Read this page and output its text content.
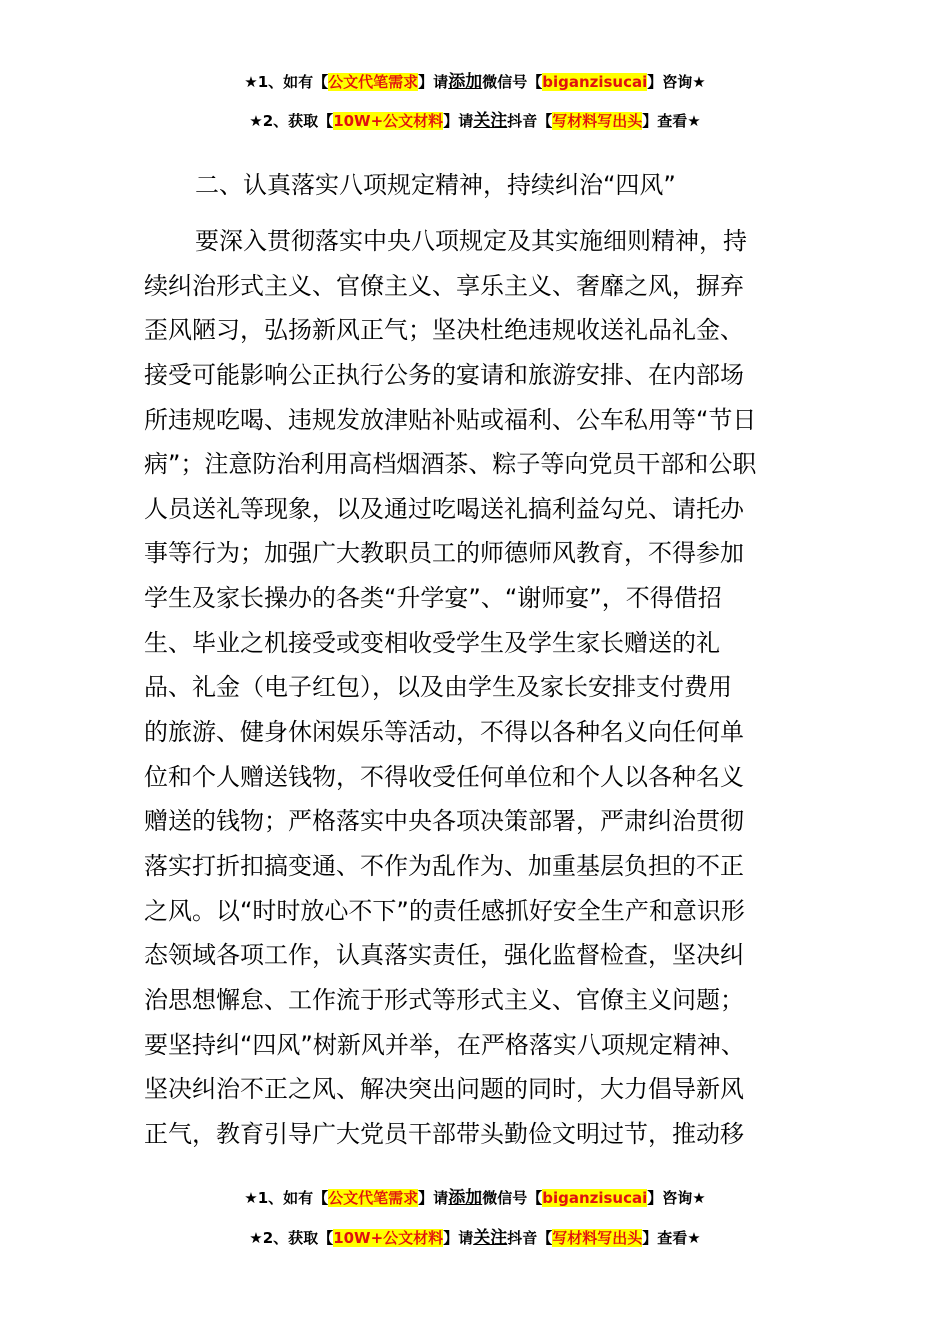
★1、如有【公文代笔需求】请添加微信号【biganzisucai】咨询★
★2、获取【10W+公文材料】请关注抖音【写材料写出头】查看★
二、认真落实八项规定精神，持续纠治“四风”
要深入贯彻落实中央八项规定及其实施细则精神，持
续纠治形式主义、官僚主义、享乐主义、奢靡之风，摒弃
歪风陋习，弘扬新风正气；坚决杜绝违规收送礼品礼金、
接受可能影响公正执行公务的宴请和旅游安排、在内部场
所违规吃喝、违规发放津贴补贴或福利、公车私用等“节日
病”；注意防治利用高档烟酒茶、粽子等向党员干部和公职
人员送礼等现象，以及通过吃喝送礼搞利益勾兑、请托办
事等行为；加强广大教职员工的师德师风教育，不得参加
学生及家长操办的各类“升学宴”、“谢师宴”，不得借招
生、毕业之机接受或变相收受学生及学生家长赠送的礼
品、礼金（电子红包），以及由学生及家长安排支付费用
的旅游、健身休闲娱乐等活动，不得以各种名义向任何单
位和个人赠送钱物，不得收受任何单位和个人以各种名义
赠送的钱物；严格落实中央各项决策部署，严肃纠治贯彻
落实打折扣搞变通、不作为乱作为、加重基层负担的不正
之风。以“时时放心不下”的责任感抓好安全生产和意识形
态领域各项工作，认真落实责任，强化监督检查，坚决纠
治思想懈怠、工作流于形式等形式主义、官僚主义问题；
要坚持纠“四风”树新风并举，在严格落实八项规定精神、
坚决纠治不正之风、解决突出问题的同时，大力倡导新风
正气，教育引导广大党员干部带头勤俭文明过节，推动移
★1、如有【公文代笔需求】请添加微信号【biganzisucai】咨询★
★2、获取【10W+公文材料】请关注抖音【写材料写出头】查看★
